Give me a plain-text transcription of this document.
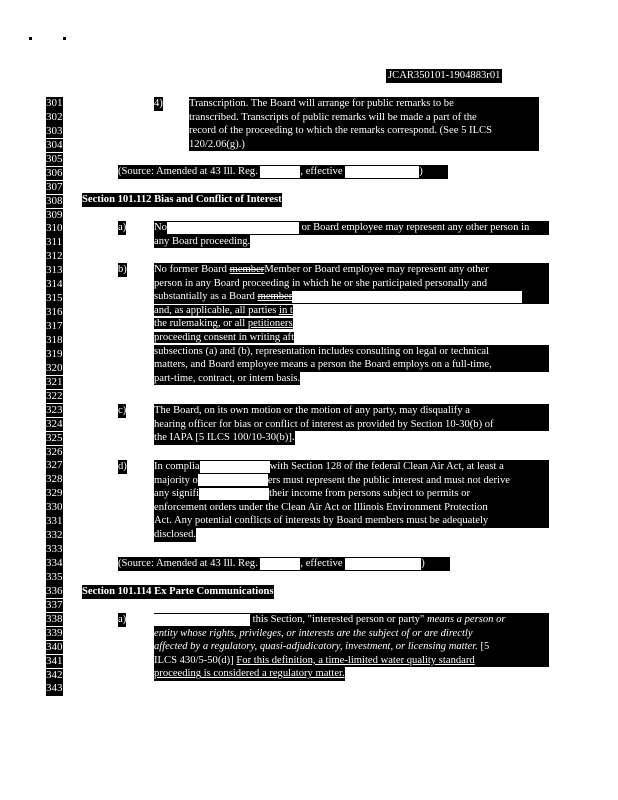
JCAR350101-1904883r01
301
302
303
304
305
306
307
308
309
310
311
312
313
314
315
316
317
318
319
320
321
322
323
324
325
326
327
328
329
330
331
332
333
334
335
336
337
338
339
340
341
342
343
4) Transcription. The Board will arrange for public remarks to be
transcribed. Transcripts of public remarks will be made a part of the
record of the proceeding to which the remarks correspond. (See 5 ILCS
120/2.06(g).)
(Source: Amended at 43 Ill. Reg.	, effective	)
Section 101.112 Bias and Conflict of Interest
a)	No	or Board employee may represent any other person in
any Board proceeding.
b)	No former Board memberMember or Board employee may represent any other
person in any Board proceeding in which he or she participated personally and
substantially as a Board member
and, as applicable, all parties in t
the rulemaking, or all petitioners
proceeding consent in writing aft
subsections (a) and (b), representation includes consulting on legal or technical
matters, and Board employee means a person the Board employs on a full-time,
part-time, contract, or intern basis.
c)	The Board, on its own motion or the motion of any party, may disqualify a
hearing officer for bias or conflict of interest as provided by Section 10-30(b) of
the IAPA [5 ILCS 100/10-30(b)].
d)	In complia	with Section 128 of the federal Clean Air Act, at least a
majority o	ers must represent the public interest and must not derive
any signifi	their income from persons subject to permits or
enforcement orders under the Clean Air Act or Illinois Environment Protection
Act. Any potential conflicts of interests by Board members must be adequately
disclosed.
(Source: Amended at 43 Ill. Reg.	, effective	)
Section 101.114 Ex Parte Communications
a)	this Section, "interested person or party" means a person or
entity whose rights, privileges, or interests are the subject of or are directly
affected by a regulatory, quasi-adjudicatory, investment, or licensing matter. [5
ILCS 430/5-50(d)] For this definition, a time-limited water quality standard
proceeding is considered a regulatory matter.
